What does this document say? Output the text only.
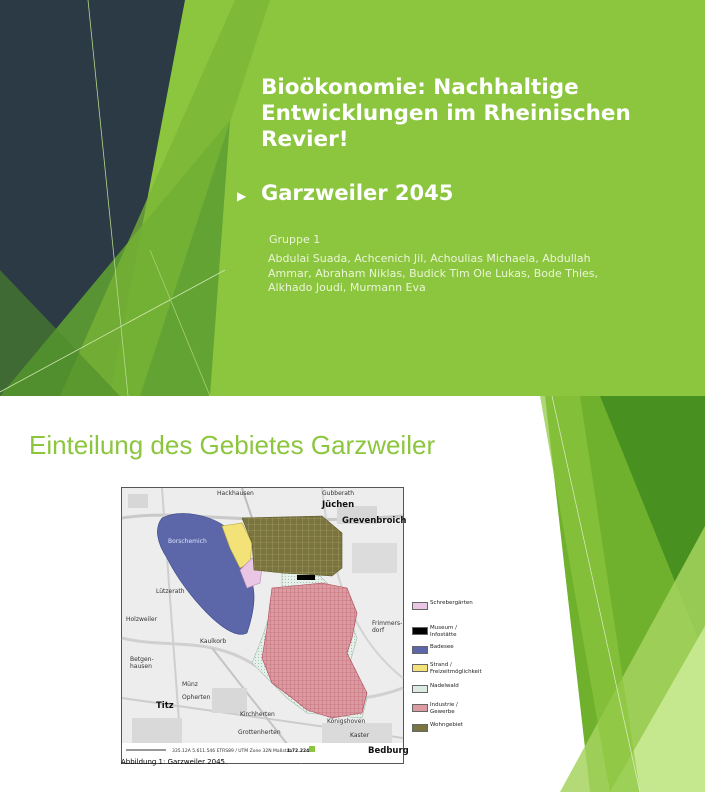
Bioökonomie: Nachhaltige Entwicklungen im Rheinischen Revier!
▶ Garzweiler 2045
Gruppe 1
Abdulai Suada, Achcenich Jil, Achoulias Michaela, Abdullah Ammar, Abraham Niklas, Budick Tim Ole Lukas, Bode Thies, Alkhado Joudi, Murmann Eva
Einteilung des Gebietes Garzweiler
335.12A 5.611.546 ETRS89 / UTM Zone 32N Maßstab
1:72.224
Hackhausen	Gubberath
Jüchen
Grevenbroich
Borschemich
Holzweiler
Lützerath
Betgen-
hausen
Kaulkorb
Münz
Opherten
Titz
Kirchherten
Grottenherten
Königshoven
Kaster
Frimmers-
dorf
Bedburg
Abbildung 1: Garzweiler 2045.
Schrebergärten
Museum /
Infostätte
Badesee
Strand /
Freizeitmöglichkeit
Nadelwald
Industrie /
Gewerbe
Wohngebiet
